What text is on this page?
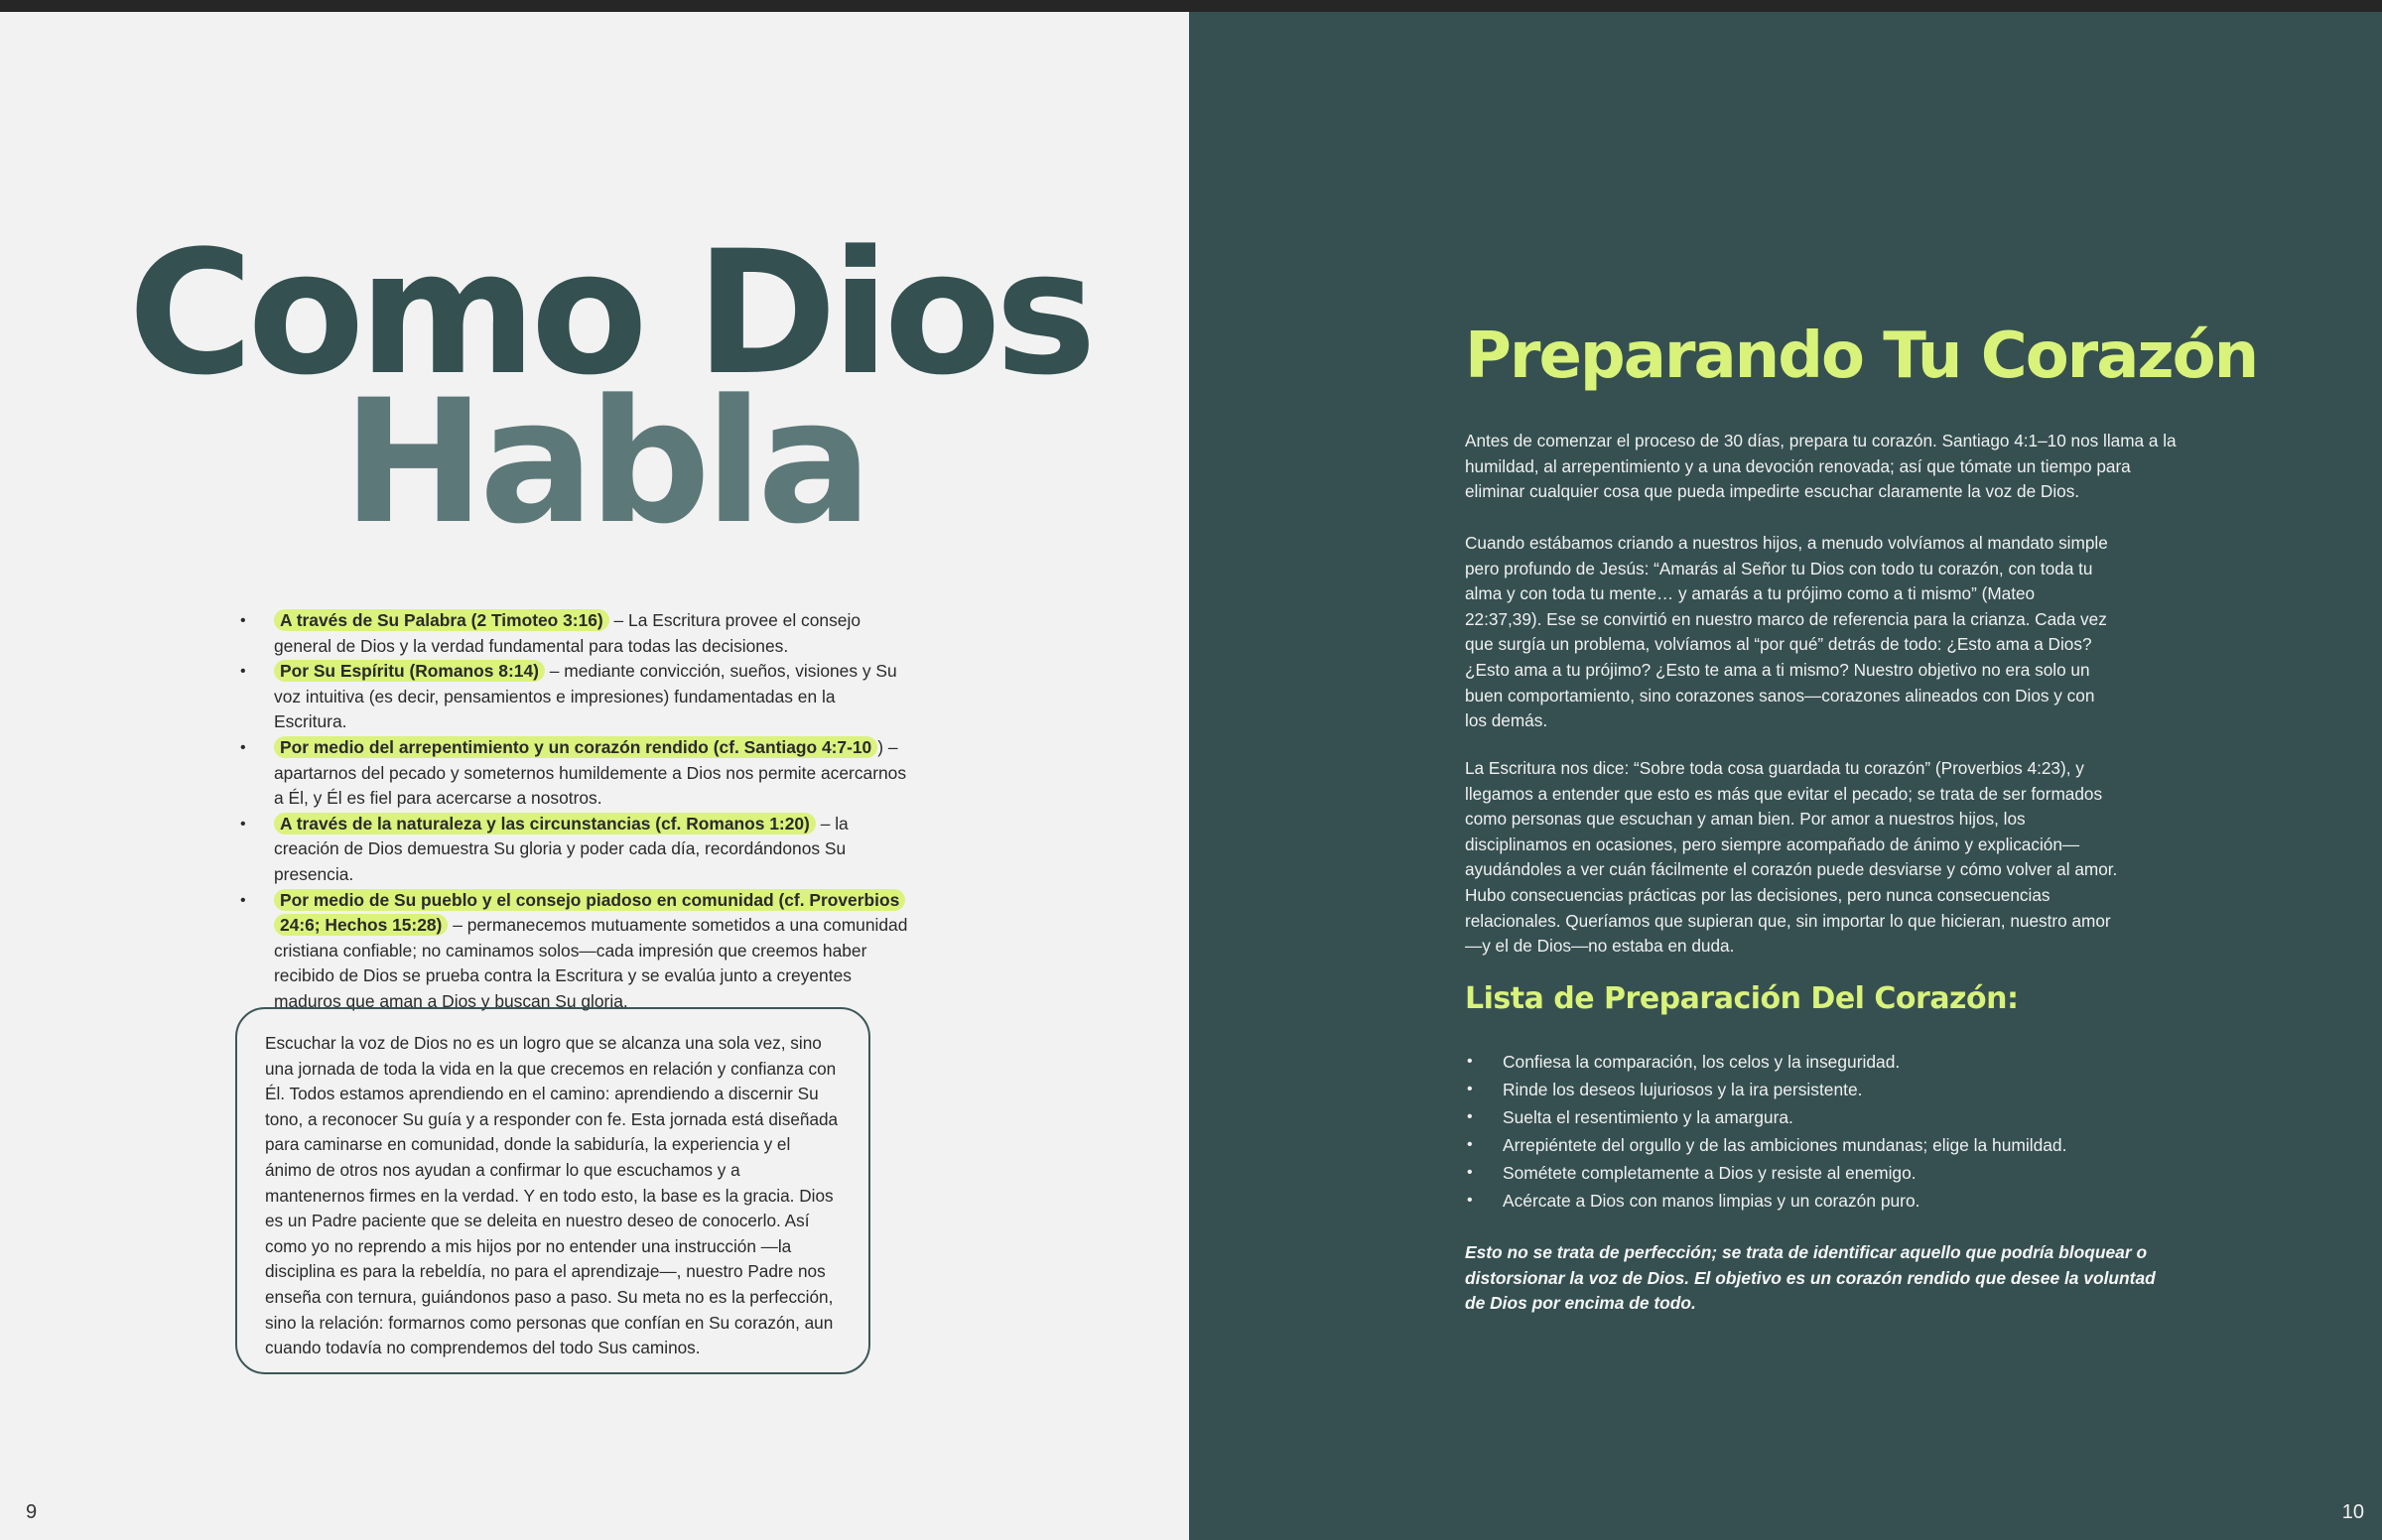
Como Dios
Habla
• A través de Su Palabra (2 Timoteo 3:16) – La Escritura provee el consejo general de Dios y la verdad fundamental para todas las decisiones.
• Por Su Espíritu (Romanos 8:14) – mediante convicción, sueños, visiones y Su voz intuitiva (es decir, pensamientos e impresiones) fundamentadas en la Escritura.
• Por medio del arrepentimiento y un corazón rendido (cf. Santiago 4:7-10 ) – apartarnos del pecado y someternos humildemente a Dios nos permite acercarnos a Él, y Él es fiel para acercarse a nosotros.
• A través de la naturaleza y las circunstancias (cf. Romanos 1:20) – la creación de Dios demuestra Su gloria y poder cada día, recordándonos Su presencia.
• Por medio de Su pueblo y el consejo piadoso en comunidad (cf. Proverbios 24:6; Hechos 15:28) – permanecemos mutuamente sometidos a una comunidad cristiana confiable; no caminamos solos—cada impresión que creemos haber recibido de Dios se prueba contra la Escritura y se evalúa junto a creyentes maduros que aman a Dios y buscan Su gloria.
Escuchar la voz de Dios no es un logro que se alcanza una sola vez, sino una jornada de toda la vida en la que crecemos en relación y confianza con Él. Todos estamos aprendiendo en el camino: aprendiendo a discernir Su tono, a reconocer Su guía y a responder con fe. Esta jornada está diseñada para caminarse en comunidad, donde la sabiduría, la experiencia y el ánimo de otros nos ayudan a confirmar lo que escuchamos y a mantenernos firmes en la verdad. Y en todo esto, la base es la gracia. Dios es un Padre paciente que se deleita en nuestro deseo de conocerlo. Así como yo no reprendo a mis hijos por no entender una instrucción —la disciplina es para la rebeldía, no para el aprendizaje—, nuestro Padre nos enseña con ternura, guiándonos paso a paso. Su meta no es la perfección, sino la relación: formarnos como personas que confían en Su corazón, aun cuando todavía no comprendemos del todo Sus caminos.
9
Preparando Tu Corazón

Antes de comenzar el proceso de 30 días, prepara tu corazón. Santiago 4:1–10 nos llama a la humildad, al arrepentimiento y a una devoción renovada; así que tómate un tiempo para eliminar cualquier cosa que pueda impedirte escuchar claramente la voz de Dios.

Cuando estábamos criando a nuestros hijos, a menudo volvíamos al mandato simple pero profundo de Jesús: “Amarás al Señor tu Dios con todo tu corazón, con toda tu alma y con toda tu mente… y amarás a tu prójimo como a ti mismo” (Mateo 22:37,39). Ese se convirtió en nuestro marco de referencia para la crianza. Cada vez que surgía un problema, volvíamos al “por qué” detrás de todo: ¿Esto ama a Dios? ¿Esto ama a tu prójimo? ¿Esto te ama a ti mismo? Nuestro objetivo no era solo un buen comportamiento, sino corazones sanos—corazones alineados con Dios y con los demás.

La Escritura nos dice: “Sobre toda cosa guardada tu corazón” (Proverbios 4:23), y llegamos a entender que esto es más que evitar el pecado; se trata de ser formados como personas que escuchan y aman bien. Por amor a nuestros hijos, los disciplinamos en ocasiones, pero siempre acompañado de ánimo y explicación—ayudándoles a ver cuán fácilmente el corazón puede desviarse y cómo volver al amor. Hubo consecuencias prácticas por las decisiones, pero nunca consecuencias relacionales. Queríamos que supieran que, sin importar lo que hicieran, nuestro amor—y el de Dios—no estaba en duda.

Lista de Preparación Del Corazón:
• Confiesa la comparación, los celos y la inseguridad.
• Rinde los deseos lujuriosos y la ira persistente.
• Suelta el resentimiento y la amargura.
• Arrepiéntete del orgullo y de las ambiciones mundanas; elige la humildad.
• Sométete completamente a Dios y resiste al enemigo.
• Acércate a Dios con manos limpias y un corazón puro.

Esto no se trata de perfección; se trata de identificar aquello que podría bloquear o distorsionar la voz de Dios. El objetivo es un corazón rendido que desee la voluntad de Dios por encima de todo.

10
